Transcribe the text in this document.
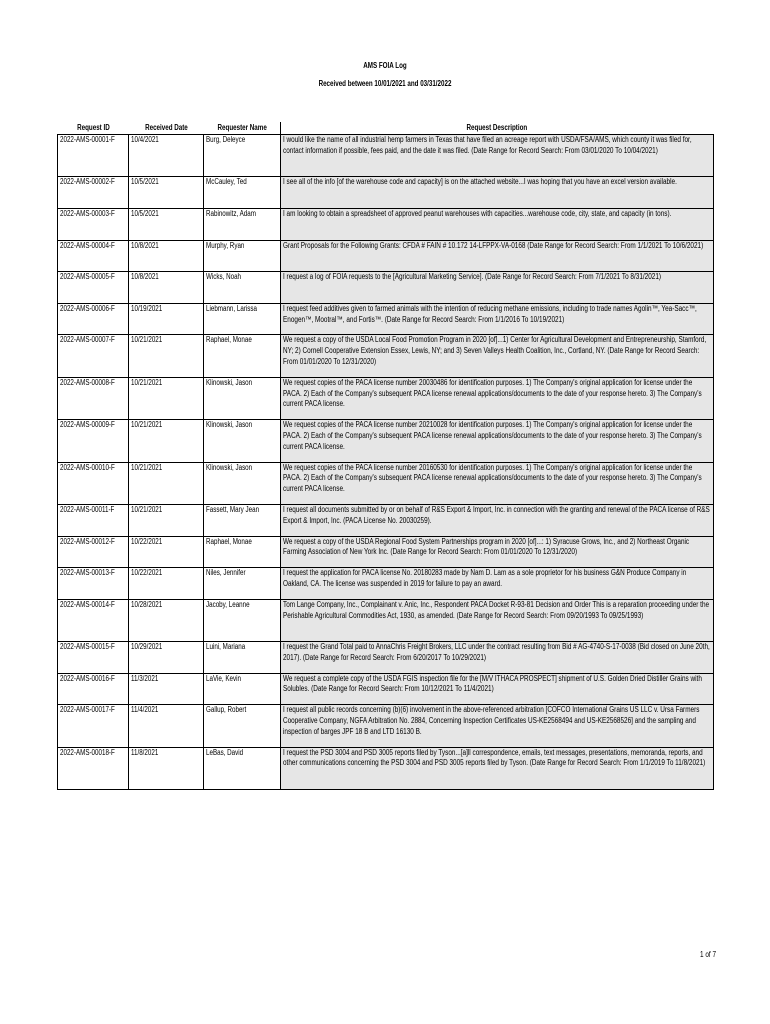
AMS FOIA Log
Received between 10/01/2021 and 03/31/2022
Request ID	Received Date	Requester Name	Request Description

2022-AMS-00001-F	10/4/2021	Burg, Deleyce	I would like the name of all industrial hemp farmers in Texas that have filed an acreage report with USDA/FSA/AMS, which county it was filed for, contact information if possible, fees paid, and the date it was filed. (Date Range for Record Search: From 03/01/2020 To 10/04/2021)

2022-AMS-00002-F	10/5/2021	McCauley, Ted	I see all of the info [of the warehouse code and capacity] is on the attached website...I was hoping that you have an excel version available.

2022-AMS-00003-F	10/5/2021	Rabinowitz, Adam	I am looking to obtain a spreadsheet of approved peanut warehouses with capacities...warehouse code, city, state, and capacity (in tons).

2022-AMS-00004-F	10/8/2021	Murphy, Ryan	Grant Proposals for the Following Grants: CFDA # FAIN # 10.172 14-LFPPX-VA-0168 (Date Range for Record Search: From 1/1/2021 To 10/6/2021)

2022-AMS-00005-F	10/8/2021	Wicks, Noah	I request a log of FOIA requests to the [Agricultural Marketing Service]. (Date Range for Record Search: From 7/1/2021 To 8/31/2021)

2022-AMS-00006-F	10/19/2021	Liebmann, Larissa	I request feed additives given to farmed animals with the intention of reducing methane emissions, including to trade names Agolin™, Yea-Sacc™, Enogen™, Mootral™, and Fortis™. (Date Range for Record Search: From 1/1/2016 To 10/19/2021)

2022-AMS-00007-F	10/21/2021	Raphael, Monae	We request a copy of the USDA Local Food Promotion Program in 2020 [of]...1) Center for Agricultural Development and Entrepreneurship, Stamford, NY; 2) Cornell Cooperative Extension Essex, Lewis, NY; and 3) Seven Valleys Health Coalition, Inc., Cortland, NY. (Date Range for Record Search: From 01/01/2020 To 12/31/2020)

2022-AMS-00008-F	10/21/2021	Klinowski, Jason	We request copies of the PACA license number 20030486 for identification purposes. 1) The Company's original application for license under the PACA. 2) Each of the Company's subsequent PACA license renewal applications/documents to the date of your response hereto. 3) The Company's current PACA license.

2022-AMS-00009-F	10/21/2021	Klinowski, Jason	We request copies of the PACA license number 20210028 for identification purposes. 1) The Company's original application for license under the PACA. 2) Each of the Company's subsequent PACA license renewal applications/documents to the date of your response hereto. 3) The Company's current PACA license.

2022-AMS-00010-F	10/21/2021	Klinowski, Jason	We request copies of the PACA license number 20160530 for identification purposes. 1) The Company's original application for license under the PACA. 2) Each of the Company's subsequent PACA license renewal applications/documents to the date of your response hereto. 3) The Company's current PACA license.

2022-AMS-00011-F	10/21/2021	Fassett, Mary Jean	I request all documents submitted by or on behalf of R&S Export & Import, Inc. in connection with the granting and renewal of the PACA license of R&S Export & Import, Inc. (PACA License No. 20030259).

2022-AMS-00012-F	10/22/2021	Raphael, Monae	We request a copy of the USDA Regional Food System Partnerships program in 2020 [of]...: 1) Syracuse Grows, Inc., and 2) Northeast Organic Farming Association of New York Inc. (Date Range for Record Search: From 01/01/2020 To 12/31/2020)

2022-AMS-00013-F	10/22/2021	Niles, Jennifer	I request the application for PACA license No. 20180283 made by Nam D. Lam as a sole proprietor for his business G&N Produce Company in Oakland, CA. The license was suspended in 2019 for failure to pay an award.

2022-AMS-00014-F	10/28/2021	Jacoby, Leanne	Tom Lange Company, Inc., Complainant v. Anic, Inc., Respondent PACA Docket R-93-81 Decision and Order This is a reparation proceeding under the Perishable Agricultural Commodities Act, 1930, as amended. (Date Range for Record Search: From 09/20/1993 To 09/25/1993)

2022-AMS-00015-F	10/29/2021	Luini, Mariana	I request the Grand Total paid to AnnaChris Freight Brokers, LLC under the contract resulting from Bid # AG-4740-S-17-0038 (Bid closed on June 20th, 2017). (Date Range for Record Search: From 6/20/2017 To 10/29/2021)

2022-AMS-00016-F	11/3/2021	LaVie, Kevin	We request a complete copy of the USDA FGIS inspection file for the [M/V ITHACA PROSPECT] shipment of U.S. Golden Dried Distiller Grains with Solubles. (Date Range for Record Search: From 10/12/2021 To 11/4/2021)

2022-AMS-00017-F	11/4/2021	Gallup, Robert	I request all public records concerning (b)(6) involvement in the above-referenced arbitration [COFCO International Grains US LLC v. Ursa Farmers Cooperative Company, NGFA Arbitration No. 2884, Concerning Inspection Certificates US-KE2568494 and US-KE2568526] and the sampling and inspection of barges JPF 18 B and LTD 16130 B.

2022-AMS-00018-F	11/8/2021	LeBas, David	I request the PSD 3004 and PSD 3005 reports filed by Tyson...[a]ll correspondence, emails, text messages, presentations, memoranda, reports, and other communications concerning the PSD 3004 and PSD 3005 reports filed by Tyson. (Date Range for Record Search: From 1/1/2019 To 11/8/2021)
1 of 7
